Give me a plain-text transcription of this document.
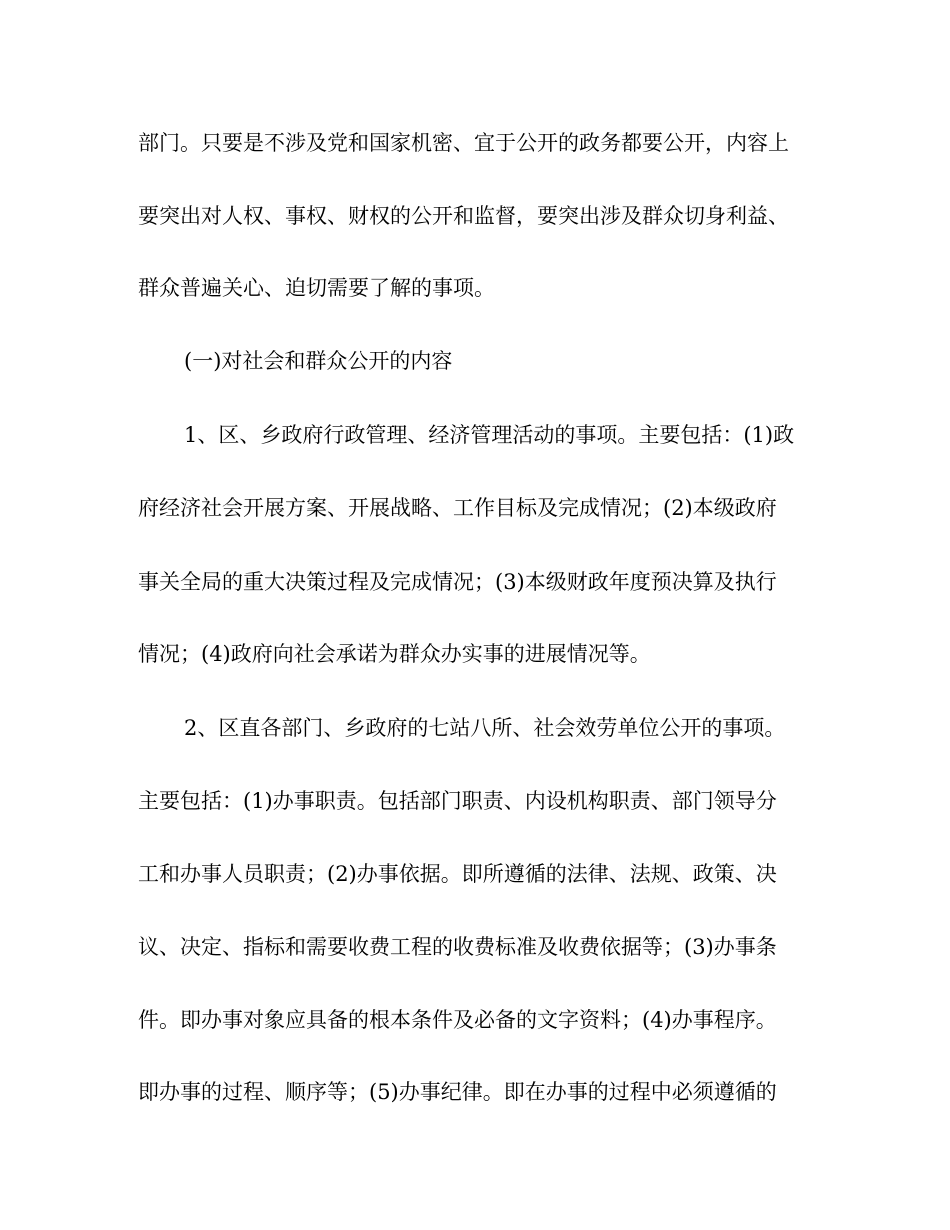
部门。只要是不涉及党和国家机密、宜于公开的政务都要公开，内容上
要突出对人权、事权、财权的公开和监督，要突出涉及群众切身利益、
群众普遍关心、迫切需要了解的事项。
(一)对社会和群众公开的内容
1、区、乡政府行政管理、经济管理活动的事项。主要包括：(1)政
府经济社会开展方案、开展战略、工作目标及完成情况；(2)本级政府
事关全局的重大决策过程及完成情况；(3)本级财政年度预决算及执行
情况；(4)政府向社会承诺为群众办实事的进展情况等。
2、区直各部门、乡政府的七站八所、社会效劳单位公开的事项。
主要包括：(1)办事职责。包括部门职责、内设机构职责、部门领导分
工和办事人员职责；(2)办事依据。即所遵循的法律、法规、政策、决
议、决定、指标和需要收费工程的收费标准及收费依据等；(3)办事条
件。即办事对象应具备的根本条件及必备的文字资料；(4)办事程序。
即办事的过程、顺序等；(5)办事纪律。即在办事的过程中必须遵循的
